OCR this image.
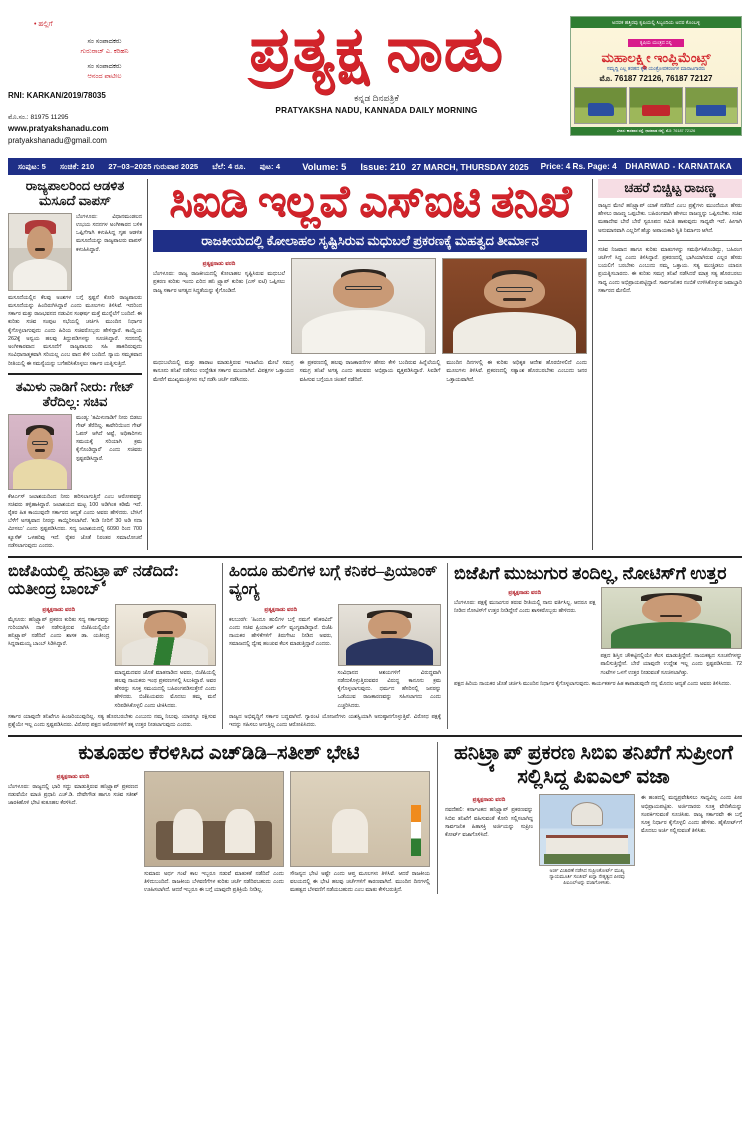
• ಹಲ್ಲಿಗೆ
ಸಂ ಸಂಪಾದಕರು
ಗುರುರಾಜ್ ಎ. ಕರಿಹನಿ
ಸಂ ಸಂಪಾದಕರು
ಆನಂದ ಪಾಟೀಲ
RNI: KARKAN/2019/78035
ಮೊ.ಸಂ.: 81975 11295
www.pratyakshanadu.com
pratyakshanadu@gmail.com
ಪ್ರತ್ಯಕ್ಷ ನಾಡು
ಕನ್ನಡ ದಿನಪತ್ರಿಕೆ
PRATYAKSHA NADU, KANNADA DAILY MORNING
ಅದರಕ ಹತ್ತಿರವು ಕೃಷಿಯಲ್ಲಿ ಸಿಬ್ಬಂದಿಯ ಅದರ ಕೊಂಬಳ್ಳಿ
ಕೃಷಿಯ ಯಂತ್ರದ ಸಲ್ಲಿ
ಮಹಾಲಕ್ಷ್ಮೀ ಇಂಪ್ಲಿಮೆಂಟ್ಸ್
ಸಮೃದ್ಧಿ ಎಲ್ಲ ತರಹದ ಕೃಷಿ ಯಂತ್ರೋಪಕರಣಗಳ ಮಾರಾಟಗಾರರು
ಮೊ. 76187 72126, 76187 72127
ವಿಳಾಸ: ಕಾರವಾರ ರಸ್ತೆ, ಧಾರವಾಡ ಜಿಲ್ಲೆ, ಮೊ: 76187 72126
ಸಂಪುಟ: 5 ಸಂಚಿಕೆ: 210 27–03–2025 ಗುರುವಾರ 2025 ಬೆಲೆ: 4 ರೂ. ಪುಟ: 4 Volume: 5 Issue: 210 27 MARCH, THURSDAY 2025 Price: 4 Rs. Page: 4 DHARWAD - KARNATAKA
ರಾಜ್ಯಪಾಲರಿಂದ ಆಡಳಿತ ಮಸೂದೆ ವಾಪಸ್
ಬೆಂಗಳೂರು: ವಿಧಾನಮಂಡಲದ ಉಭಯ ಸದನಗಳ ಅಂಗೀಕಾರದ ಬಳಿಕ ಒಪ್ಪಿಗೆಗಾಗಿ ಕಳುಹಿಸಿದ್ದ ಗೃಹ ಆಡಳಿತ ಮಸೂದೆಯನ್ನು ರಾಜ್ಯಪಾಲರು ವಾಪಸ್ ಕಳುಹಿಸಿದ್ದಾರೆ.
ಮಸೂದೆಯಲ್ಲಿನ ಕೆಲವು ಅಂಶಗಳ ಬಗ್ಗೆ ಸ್ಪಷ್ಟನೆ ಕೋರಿ ರಾಜ್ಯಪಾಲರು ಮಸೂದೆಯನ್ನು ಹಿಂದಿರುಗಿಸಿದ್ದಾರೆ ಎಂದು ಮೂಲಗಳು ತಿಳಿಸಿವೆ. ಇದರಿಂದ ಸರ್ಕಾರ ಮತ್ತು ರಾಜಭವನದ ನಡುವಿನ ಸಂಘರ್ಷ ಮತ್ತೆ ಮುನ್ನೆಲೆಗೆ ಬಂದಿದೆ. ಈ ಕುರಿತು ಸಚಿವ ಸಂಪುಟ ಸಭೆಯಲ್ಲಿ ಚರ್ಚಿಸಿ ಮುಂದಿನ ನಿರ್ಧಾರ ಕೈಗೊಳ್ಳಲಾಗುವುದು ಎಂದು ಹಿರಿಯ ಸಚಿವರೊಬ್ಬರು ಹೇಳಿದ್ದಾರೆ. ಕಾಯ್ದೆಯ 262ಕ್ಕೆ ಅನ್ವಯ ಹಲವು ತಿದ್ದುಪಡಿಗಳನ್ನು ಸೂಚಿಸಿದ್ದಾರೆ. ಸದನದಲ್ಲಿ ಅಂಗೀಕಾರವಾದ ಮಸೂದೆಗೆ ರಾಜ್ಯಪಾಲರು ಸಹಿ ಹಾಕದಿರುವುದು ಸಂವಿಧಾನಾತ್ಮಕವಾಗಿ ಸರಿಯಲ್ಲ ಎಂಬ ವಾದ ಕೇಳಿ ಬಂದಿದೆ. ನ್ಯಾಯ ಸಮ್ಮತವಾದ ರೀತಿಯಲ್ಲಿ ಈ ಸಮಸ್ಯೆಯನ್ನು ಬಗೆಹರಿಸಿಕೊಳ್ಳಲು ಸರ್ಕಾರ ಯತ್ನಿಸುತ್ತಿದೆ.
ತಮಿಳು ನಾಡಿಗೆ ನೀರು: ಗೇಟ್ ತೆರೆದಿಲ್ಲ: ಸಚಿವ
ಮಂಡ್ಯ: 'ತಮಿಳುನಾಡಿಗೆ ನೀರು ಬಿಡಲು ಗೇಟ್ ತೆರೆದಿಲ್ಲ. ಕಾವೇರಿಯಿಂದ ಗೇಟ್ ಓಪನ್ ಆಗಿದೆ ಅಷ್ಟೆ, ಅಧಿಕಾರಿಗಳು ಸಮಯಕ್ಕೆ ಸರಿಯಾಗಿ ಕ್ರಮ ಕೈಗೊಂಡಿದ್ದಾರೆ' ಎಂದು ಸಚಿವರು ಸ್ಪಷ್ಟಪಡಿಸಿದ್ದಾರೆ.
ಕೆಆರ್ಎಸ್ ಜಲಾಶಯದಿಂದ ನೀರು ಹರಿಸಲಾಗುತ್ತಿದೆ ಎಂಬ ಆರೋಪವನ್ನು ಸಚಿವರು ತಳ್ಳಿಹಾಕಿದ್ದಾರೆ. ಜಲಾಶಯದ ಮಟ್ಟ 100 ಅಡಿಗಿಂತ ಕಡಿಮೆ ಇದೆ. ರೈತರ ಹಿತ ಕಾಯುವುದೇ ಸರ್ಕಾರದ ಆದ್ಯತೆ ಎಂದು ಅವರು ಹೇಳಿದರು. ಬೇಸಿಗೆ ಬೆಳೆಗೆ ಅಗತ್ಯವಾದ ನೀರನ್ನು ಕಾಯ್ದಿರಿಸಲಾಗಿದೆ. 'ಕುಡಿ ನೀರಿಗೆ 30 ಅಡಿ ಸದಾ ಮೀಸಲು' ಎಂದು ಸ್ಪಷ್ಟಪಡಿಸಿದರು. ಸದ್ಯ ಜಲಾಶಯದಲ್ಲಿ 6090 ರಿಂದ 700 ಕ್ಯೂಸೆಕ್ ಒಳಹರಿವು ಇದೆ. ರೈತರ ಜೊತೆ ನಿರಂತರ ಸಮಾಲೋಚನೆ ನಡೆಸಲಾಗುವುದು ಎಂದರು.
ಸಿಐಡಿ ಇಲ್ಲವೆ ಎಸ್‌ಐಟಿ ತನಿಖೆ
ರಾಜಕೀಯದಲ್ಲಿ ಕೋಲಾಹಲ ಸೃಷ್ಟಿಸಿರುವ ಮಧುಬಲೆ ಪ್ರಕರಣಕ್ಕೆ ಮಹತ್ವದ ತೀರ್ಮಾನ
ಪ್ರತ್ಯಕ್ಷನಾಡು ವರದಿ
ಬೆಂಗಳೂರು: ರಾಜ್ಯ ರಾಜಕೀಯದಲ್ಲಿ ಕೋಲಾಹಲ ಸೃಷ್ಟಿಸಿರುವ ಮಧುಬಲೆ ಪ್ರಕರಣ ಕುರಿತು ಇಂದು ಏರಿದ ಹನಿ ಟ್ರ್ಯಾಪ್ ಕುರಿತು (ಎಸ್ ಐಟಿ) ಒಪ್ಪಿಸಲು ರಾಜ್ಯ ಸರ್ಕಾರ ಅಗತ್ಯದ ಸಿದ್ಧತೆಯನ್ನು ಕೈಗೊಂಡಿದೆ.
ಮಧುಬಲೆಯಲ್ಲಿ ಮತ್ತು ಹಾರಾಟ ಮಾಡುತ್ತಿರುವ ಇಲಾಖೆಯ ಮೇಲೆ ಸಮಗ್ರ ಕಾನೂನು ತನಿಖೆ ನಡೆಸಲು ಉದ್ದೇಶಿತ ಸರ್ಕಾರ ಮುಂದಾಗಿದೆ. ವಿಪಕ್ಷಗಳ ಒತ್ತಾಯದ ಮೇರೆಗೆ ಮುಖ್ಯಮಂತ್ರಿಗಳು ಸಭೆ ನಡೆಸಿ ಚರ್ಚೆ ನಡೆಸಿದರು.
ಈ ಪ್ರಕರಣದಲ್ಲಿ ಹಲವು ರಾಜಕಾರಣಿಗಳ ಹೆಸರು ಕೇಳಿ ಬಂದಿರುವ ಹಿನ್ನೆಲೆಯಲ್ಲಿ ಸಮಗ್ರ ತನಿಖೆ ಅಗತ್ಯ ಎಂದು ಹಲವರು ಅಭಿಪ್ರಾಯ ವ್ಯಕ್ತಪಡಿಸಿದ್ದಾರೆ. ಸಿಐಡಿಗೆ ವಹಿಸುವ ಬಗ್ಗೆಯೂ ಚಿಂತನೆ ನಡೆದಿದೆ.
ಮುಂದಿನ ದಿನಗಳಲ್ಲಿ ಈ ಕುರಿತು ಅಧಿಕೃತ ಆದೇಶ ಹೊರಬೀಳಲಿದೆ ಎಂದು ಮೂಲಗಳು ತಿಳಿಸಿವೆ. ಪ್ರಕರಣದಲ್ಲಿ ಸತ್ಯಾಂಶ ಹೊರಬರಬೇಕು ಎಂಬುದು ಜನರ ಒತ್ತಾಯವಾಗಿದೆ.
ಚಹರೆ ಬಿಚ್ಚಿಟ್ಟ ರಾಜಣ್ಣ
ರಾಜ್ಯದ ಮೇಲೆ ಹನಿಟ್ರ್ಯಾಪ್ ಯಾಕೆ ನಡೆದಿದೆ ಎಂಬ ಪ್ರಶ್ನೆಗಳು ಮುಂದೆಯೂ ಹೆಸರು ಹೇಳಲು ರಾಜಣ್ಣ ಒಪ್ಪಬೇಕು. ಬಹಿರಂಗವಾಗಿ ಹೇಳಲು ರಾಜಣ್ಣನ್ನು ಒಪ್ಪಿಸಬೇಕು. ಸಚಿವ ಮಹಾದೇವ ಬೇರೆ ಬೇರೆ ಸ್ವರೂಪದ ಸಮಿತಿ ಹಾಕುವುದು ಸಾಧ್ಯವೇ ಇದೆ. ಹೀಗಾಗಿ ಅನುಮಾನವಾಗಿ ಎಲ್ಲರಿಗೆ ಹೆಚ್ಚು ಅಪಾಯಕಾರಿ ಸ್ಥಿತಿ ನಿರ್ಮಾಣ ಆಗಿದೆ.
ಸಚಿವ ನಿಜವಾದ ಹಾಗೂ ಕುರಿತು ಮಾತುಗಳನ್ನು ಸಮರ್ಥಿಸಿಕೊಂಡಿದ್ದು, ಬಹಿರಂಗ ಚರ್ಚೆಗೆ ಸಿದ್ಧ ಎಂದು ತಿಳಿಸಿದ್ದಾರೆ. ಪ್ರಕರಣದಲ್ಲಿ ಭಾಗಿಯಾಗಿರುವ ಎಲ್ಲರ ಹೆಸರು ಬಯಲಿಗೆ ಬರಬೇಕು ಎಂಬುದು ನಮ್ಮ ಒತ್ತಾಯ. ಸತ್ಯ ಮುಚ್ಚಿಡಲು ಯಾರೂ ಪ್ರಯತ್ನಿಸಬಾರದು. ಈ ಕುರಿತು ಸಮಗ್ರ ತನಿಖೆ ನಡೆಸಿದರೆ ಮಾತ್ರ ಸತ್ಯ ಹೊರಬರಲು ಸಾಧ್ಯ ಎಂದು ಅಭಿಪ್ರಾಯಪಟ್ಟಿದ್ದಾರೆ. ಸಾರ್ವಜನಿಕರ ನಂಬಿಕೆ ಉಳಿಸಿಕೊಳ್ಳುವ ಜವಾಬ್ದಾರಿ ಸರ್ಕಾರದ ಮೇಲಿದೆ.
ಬಿಜೆಪಿಯಲ್ಲಿ ಹನಿಟ್ರ್ಯಾಪ್ ನಡೆದಿದೆ: ಯತೀಂದ್ರ ಬಾಂಬ್
ಪ್ರತ್ಯಕ್ಷನಾಡು ವರದಿ
ಮೈಸೂರು: ಹನಿಟ್ರ್ಯಾಪ್ ಪ್ರಕರಣ ಕುರಿತು ಸದ್ಯ ಸರ್ಕಾರವನ್ನು ಗುರಿಯಾಗಿಸಿ ದಾಳಿ ನಡೆಸುತ್ತಿರುವ ಬಿಜೆಪಿಯಲ್ಲಿಯೇ ಹನಿಟ್ರ್ಯಾಪ್ ನಡೆದಿದೆ ಎಂದು ಶಾಸಕ ಡಾ. ಯತೀಂದ್ರ ಸಿದ್ದರಾಮಯ್ಯ ಬಾಂಬ್ ಸಿಡಿಸಿದ್ದಾರೆ.
ಮಾಧ್ಯಮದವರ ಜೊತೆ ಮಾತನಾಡಿದ ಅವರು, ಬಿಜೆಪಿಯಲ್ಲಿ ಹಲವು ನಾಯಕರು ಇಂಥ ಪ್ರಕರಣಗಳಲ್ಲಿ ಸಿಲುಕಿದ್ದಾರೆ. ಅವರ ಹೆಸರನ್ನು ಸೂಕ್ತ ಸಮಯದಲ್ಲಿ ಬಹಿರಂಗಪಡಿಸುತ್ತೇನೆ ಎಂದು ಹೇಳಿದರು. ಬಿಜೆಪಿಯವರು ಮೊದಲು ತಮ್ಮ ಮನೆ ಸರಿಪಡಿಸಿಕೊಳ್ಳಲಿ ಎಂದು ಟೀಕಿಸಿದರು.
ಸರ್ಕಾರ ಯಾವುದೇ ತನಿಖೆಗೂ ಹಿಂಜರಿಯುವುದಿಲ್ಲ. ಸತ್ಯ ಹೊರಬರಬೇಕು ಎಂಬುದು ನಮ್ಮ ನಿಲುವು. ಯಾರನ್ನೂ ರಕ್ಷಿಸುವ ಪ್ರಶ್ನೆಯೇ ಇಲ್ಲ ಎಂದು ಸ್ಪಷ್ಟಪಡಿಸಿದರು. ವಿರೋಧ ಪಕ್ಷದ ಆರೋಪಗಳಿಗೆ ತಕ್ಕ ಉತ್ತರ ನೀಡಲಾಗುವುದು ಎಂದರು.
ಹಿಂದೂ ಹುಲಿಗಳ ಬಗ್ಗೆ ಕನಿಕರ–ಪ್ರಿಯಾಂಕ್ ವ್ಯಂಗ್ಯ
ಪ್ರತ್ಯಕ್ಷನಾಡು ವರದಿ
ಕಲಬುರಗಿ: 'ಹಿಂದೂ ಹುಲಿಗಳ ಬಗ್ಗೆ ನಮಗೆ ಕನಿಕರವಿದೆ' ಎಂದು ಸಚಿವ ಪ್ರಿಯಾಂಕ್ ಖರ್ಗೆ ವ್ಯಂಗ್ಯವಾಡಿದ್ದಾರೆ. ಬಿಜೆಪಿ ನಾಯಕರ ಹೇಳಿಕೆಗಳಿಗೆ ತಿರುಗೇಟು ನೀಡಿದ ಅವರು, ಸಮಾಜದಲ್ಲಿ ದ್ವೇಷ ಹಂಚುವ ಕೆಲಸ ಮಾಡುತ್ತಿದ್ದಾರೆ ಎಂದರು.
ಸಂವಿಧಾನದ ಆಶಯಗಳಿಗೆ ವಿರುದ್ಧವಾಗಿ ನಡೆದುಕೊಳ್ಳುತ್ತಿರುವವರ ವಿರುದ್ಧ ಕಾನೂನು ಕ್ರಮ ಕೈಗೊಳ್ಳಲಾಗುವುದು. ಧರ್ಮದ ಹೆಸರಿನಲ್ಲಿ ಜನರನ್ನು ಒಡೆಯುವ ರಾಜಕಾರಣವನ್ನು ಸಹಿಸಲಾಗದು ಎಂದು ಎಚ್ಚರಿಸಿದರು.
ರಾಜ್ಯದ ಅಭಿವೃದ್ಧಿಗೆ ಸರ್ಕಾರ ಬದ್ಧವಾಗಿದೆ. ಗ್ಯಾರಂಟಿ ಯೋಜನೆಗಳು ಯಶಸ್ವಿಯಾಗಿ ಅನುಷ್ಠಾನಗೊಳ್ಳುತ್ತಿವೆ. ವಿರೋಧ ಪಕ್ಷಕ್ಕೆ ಇದನ್ನು ಸಹಿಸಲು ಆಗುತ್ತಿಲ್ಲ ಎಂದು ಆರೋಪಿಸಿದರು.
ಬಿಜೆಪಿಗೆ ಮುಜುಗುರ ತಂದಿಲ್ಲ, ನೋಟಿಸ್‌ಗೆ ಉತ್ತರ
ಪ್ರತ್ಯಕ್ಷನಾಡು ವರದಿ
ಬೆಂಗಳೂರು: ಪಕ್ಷಕ್ಕೆ ಮುಜುಗುರ ತರುವ ರೀತಿಯಲ್ಲಿ ನಾನು ವರ್ತಿಸಿಲ್ಲ. ಆದರೂ ಪಕ್ಷ ನೀಡಿದ ನೋಟಿಸ್‌ಗೆ ಉತ್ತರ ನೀಡಿದ್ದೇನೆ ಎಂದು ಶಾಸಕರೊಬ್ಬರು ಹೇಳಿದರು.
ಪಕ್ಷದ ಶಿಸ್ತಿನ ಚೌಕಟ್ಟಿನಲ್ಲಿಯೇ ಕೆಲಸ ಮಾಡುತ್ತಿದ್ದೇನೆ. ನಾಯಕತ್ವದ ಸೂಚನೆಗಳನ್ನು ಪಾಲಿಸುತ್ತಿದ್ದೇನೆ. ಬೇರೆ ಯಾವುದೇ ಉದ್ದೇಶ ಇಲ್ಲ ಎಂದು ಸ್ಪಷ್ಟಪಡಿಸಿದರು. 72 ಗಂಟೆಗಳ ಒಳಗೆ ಉತ್ತರ ನೀಡುವಂತೆ ಸೂಚಿಸಲಾಗಿತ್ತು.
ಪಕ್ಷದ ಹಿರಿಯ ನಾಯಕರ ಜೊತೆ ಚರ್ಚಿಸಿ ಮುಂದಿನ ನಿರ್ಧಾರ ಕೈಗೊಳ್ಳಲಾಗುವುದು. ಕಾರ್ಯಕರ್ತರ ಹಿತ ಕಾಪಾಡುವುದೇ ನನ್ನ ಮೊದಲ ಆದ್ಯತೆ ಎಂದು ಅವರು ತಿಳಿಸಿದರು.
ಕುತೂಹಲ ಕೆರಳಿಸಿದ ಎಚ್‌ಡಿಡಿ–ಸತೀಶ್ ಭೇಟಿ
ಪ್ರತ್ಯಕ್ಷನಾಡು ವರದಿ
ಬೆಂಗಳೂರು: ರಾಜ್ಯದಲ್ಲಿ ಭಾರಿ ಸದ್ದು ಮಾಡುತ್ತಿರುವ ಹನಿಟ್ರ್ಯಾಪ್ ಪ್ರಕರಣದ ನಡುವೆಯೇ ಮಾಜಿ ಪ್ರಧಾನಿ ಎಚ್.ಡಿ. ದೇವೇಗೌಡ ಹಾಗೂ ಸಚಿವ ಸತೀಶ್ ಜಾರಕಿಹೊಳಿ ಭೇಟಿ ಕುತೂಹಲ ಕೆರಳಿಸಿದೆ.
ಸುಮಾರು ಅರ್ಧ ಗಂಟೆ ಕಾಲ ಇಬ್ಬರೂ ನಡುವೆ ಮಾತುಕತೆ ನಡೆದಿದೆ ಎಂದು ತಿಳಿದುಬಂದಿದೆ. ರಾಜಕೀಯ ಬೆಳವಣಿಗೆಗಳ ಕುರಿತು ಚರ್ಚೆ ನಡೆದಿರಬಹುದು ಎಂದು ಊಹಿಸಲಾಗಿದೆ. ಆದರೆ ಇಬ್ಬರೂ ಈ ಬಗ್ಗೆ ಯಾವುದೇ ಪ್ರತಿಕ್ರಿಯೆ ನೀಡಿಲ್ಲ.
ಸೌಜನ್ಯದ ಭೇಟಿ ಅಷ್ಟೇ ಎಂದು ಆಪ್ತ ಮೂಲಗಳು ತಿಳಿಸಿವೆ. ಆದರೆ ರಾಜಕೀಯ ವಲಯದಲ್ಲಿ ಈ ಭೇಟಿ ಹಲವು ಚರ್ಚೆಗಳಿಗೆ ಕಾರಣವಾಗಿದೆ. ಮುಂದಿನ ದಿನಗಳಲ್ಲಿ ಮಹತ್ವದ ಬೆಳವಣಿಗೆ ನಡೆಯಬಹುದು ಎಂಬ ಮಾತು ಕೇಳಿಬರುತ್ತಿದೆ.
ಹನಿಟ್ರ್ಯಾಪ್ ಪ್ರಕರಣ ಸಿಬಿಐ ತನಿಖೆಗೆ ಸುಪ್ರೀಂಗೆ ಸಲ್ಲಿಸಿದ್ದ ಪಿಐಎಲ್ ವಜಾ
ಪ್ರತ್ಯಕ್ಷನಾಡು ವರದಿ
ನವದೆಹಲಿ: ಕರ್ನಾಟಕದ ಹನಿಟ್ರ್ಯಾಪ್ ಪ್ರಕರಣವನ್ನು ಸಿಬಿಐ ತನಿಖೆಗೆ ವಹಿಸುವಂತೆ ಕೋರಿ ಸಲ್ಲಿಸಲಾಗಿದ್ದ ಸಾರ್ವಜನಿಕ ಹಿತಾಸಕ್ತಿ ಅರ್ಜಿಯನ್ನು ಸುಪ್ರೀಂ ಕೋರ್ಟ್ ವಜಾಗೊಳಿಸಿದೆ.
ಅರ್ಜಿ ವಿಚಾರಣೆ ನಡೆಸಿದ ಸುಪ್ರೀಂಕೋರ್ಟ್ ಮುಖ್ಯ ನ್ಯಾಯಮೂರ್ತಿ ಸಂಜೀವ್ ಖನ್ನಾ ನೇತೃತ್ವದ ಪೀಠವು ಪಿಐಎಲ್‌ಅನ್ನು ವಜಾಗೊಳಿಸಿತು.
ಈ ಹಂತದಲ್ಲಿ ಮಧ್ಯಪ್ರವೇಶಿಸಲು ಸಾಧ್ಯವಿಲ್ಲ ಎಂದು ಪೀಠ ಅಭಿಪ್ರಾಯಪಟ್ಟಿತು. ಅರ್ಜಿದಾರರು ಸೂಕ್ತ ವೇದಿಕೆಯನ್ನು ಸಂಪರ್ಕಿಸುವಂತೆ ಸೂಚಿಸಿತು. ರಾಜ್ಯ ಸರ್ಕಾರವೇ ಈ ಬಗ್ಗೆ ಸೂಕ್ತ ನಿರ್ಧಾರ ಕೈಗೊಳ್ಳಲಿ ಎಂದು ಹೇಳಿತು. ಹೈಕೋರ್ಟ್‌ಗೆ ಮೊದಲು ಅರ್ಜಿ ಸಲ್ಲಿಸುವಂತೆ ತಿಳಿಸಿತು.
